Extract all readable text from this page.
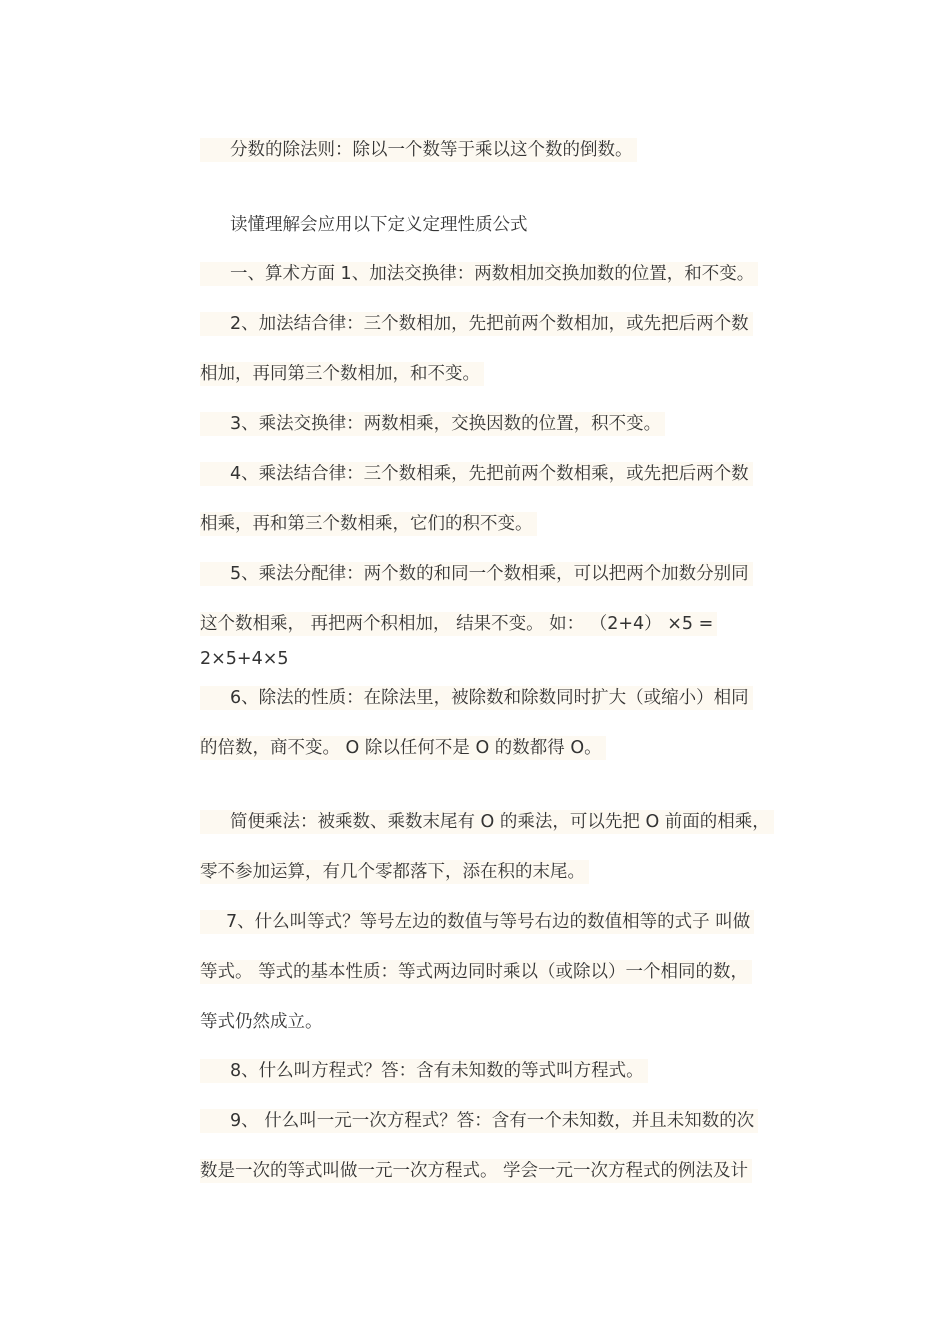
分数的除法则：除以一个数等于乘以这个数的倒数。
读懂理解会应用以下定义定理性质公式
一、算术方面 1、加法交换律：两数相加交换加数的位置，和不变。
2、加法结合律：三个数相加，先把前两个数相加，或先把后两个数
相加，再同第三个数相加，和不变。
3、乘法交换律：两数相乘，交换因数的位置，积不变。
4、乘法结合律：三个数相乘，先把前两个数相乘，或先把后两个数
相乘，再和第三个数相乘，它们的积不变。
5、乘法分配律：两个数的和同一个数相乘，可以把两个加数分别同
这个数相乘， 再把两个积相加， 结果不变。 如： （2+4） ×5 =
2×5+4×5
6、除法的性质：在除法里，被除数和除数同时扩大（或缩小）相同
的倍数，商不变。 O 除以任何不是 O 的数都得 O。
简便乘法：被乘数、乘数末尾有 O 的乘法，可以先把 O 前面的相乘，
零不参加运算，有几个零都落下，添在积的末尾。
7、什么叫等式？等号左边的数值与等号右边的数值相等的式子 叫做
等式。 等式的基本性质：等式两边同时乘以（或除以）一个相同的数，
等式仍然成立。
8、什么叫方程式？答：含有未知数的等式叫方程式。
9、 什么叫一元一次方程式？答：含有一个未知数，并且未知数的次
数是一次的等式叫做一元一次方程式。 学会一元一次方程式的例法及计
